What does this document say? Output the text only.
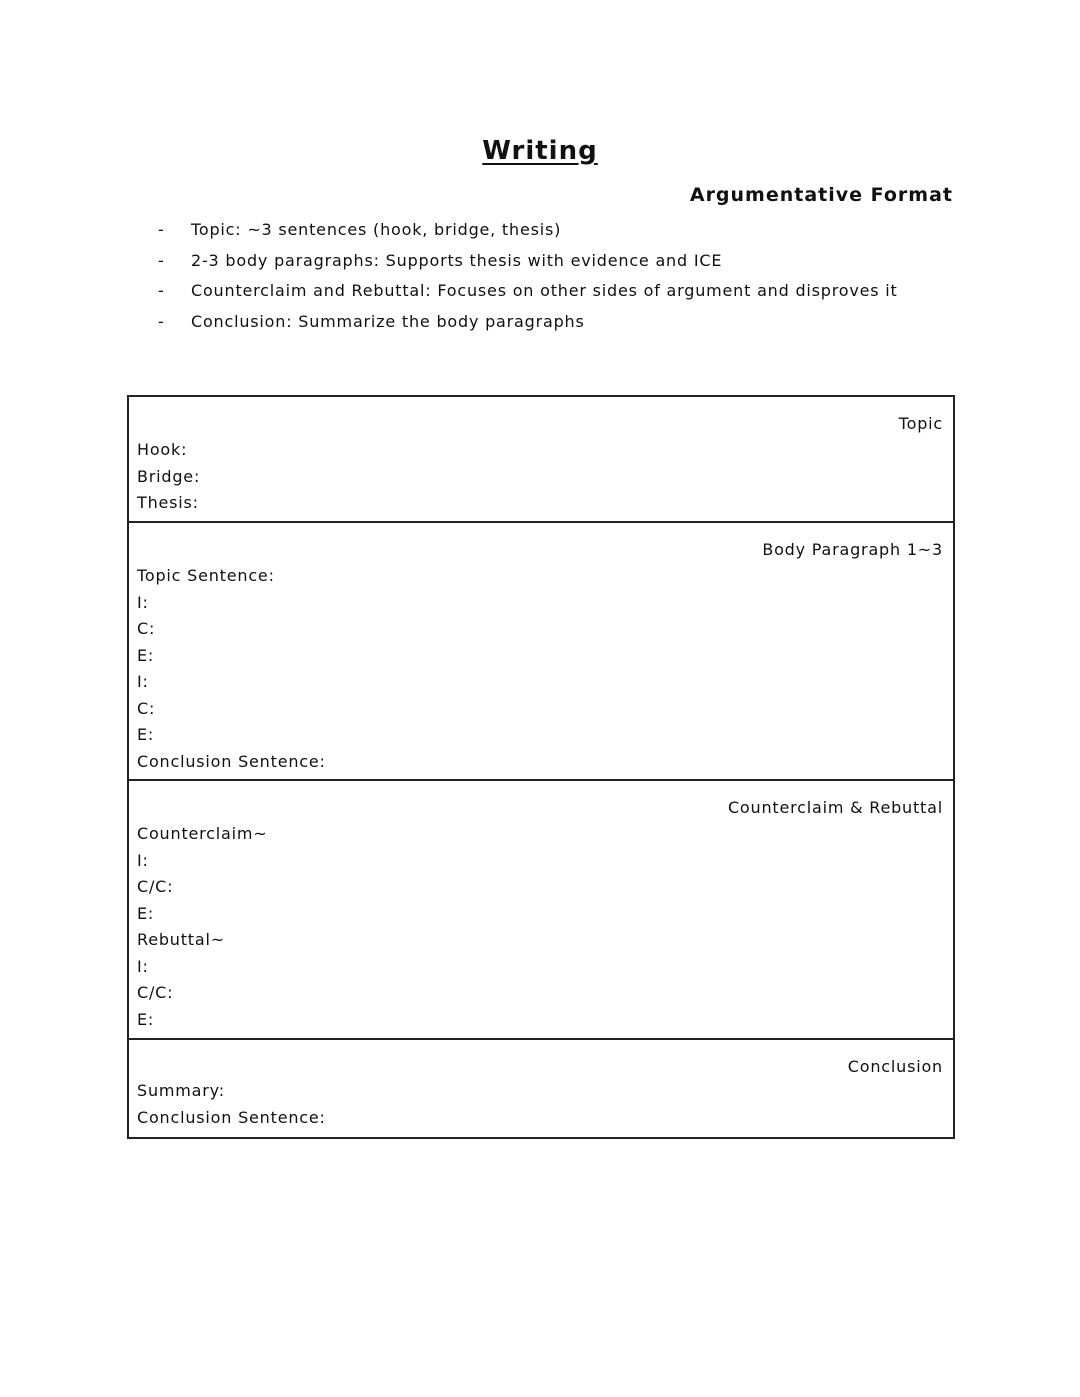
Writing
Argumentative Format
- Topic: ~3 sentences (hook, bridge, thesis)
- 2-3 body paragraphs: Supports thesis with evidence and ICE
- Counterclaim and Rebuttal: Focuses on other sides of argument and disproves it
- Conclusion: Summarize the body paragraphs
Topic
Hook:
Bridge:
Thesis:
Body Paragraph 1~3
Topic Sentence:
I:
C:
E:
I:
C:
E:
Conclusion Sentence:
Counterclaim & Rebuttal
Counterclaim~
I:
C/C:
E:
Rebuttal~
I:
C/C:
E:
Conclusion
Summary:
Conclusion Sentence:
